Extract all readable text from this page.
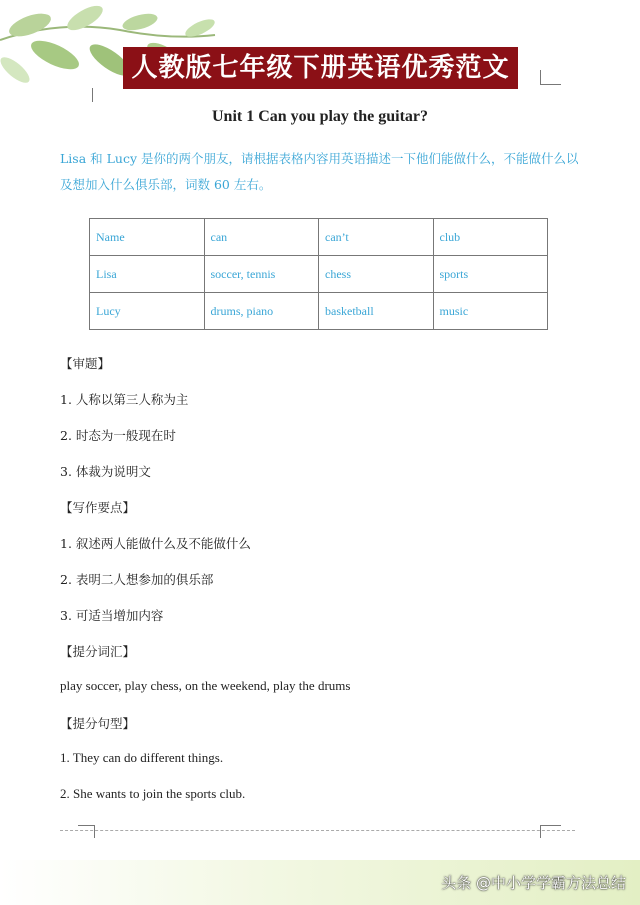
人教版七年级下册英语优秀范文
Unit 1 Can you play the guitar?
Lisa 和 Lucy 是你的两个朋友，请根据表格内容用英语描述一下他们能做什么，不能做什么以及想加入什么俱乐部，词数 60 左右。
Name	can	can’t	club
Lisa	soccer, tennis	chess	sports
Lucy	drums, piano	basketball	music
【审题】
1. 人称以第三人称为主
2. 时态为一般现在时
3. 体裁为说明文
【写作要点】
1. 叙述两人能做什么及不能做什么
2. 表明二人想参加的俱乐部
3. 可适当增加内容
【提分词汇】
play soccer, play chess, on the weekend, play the drums
【提分句型】
1. They can do different things.
2. She wants to join the sports club.
头条 @中小学学霸方法总结
